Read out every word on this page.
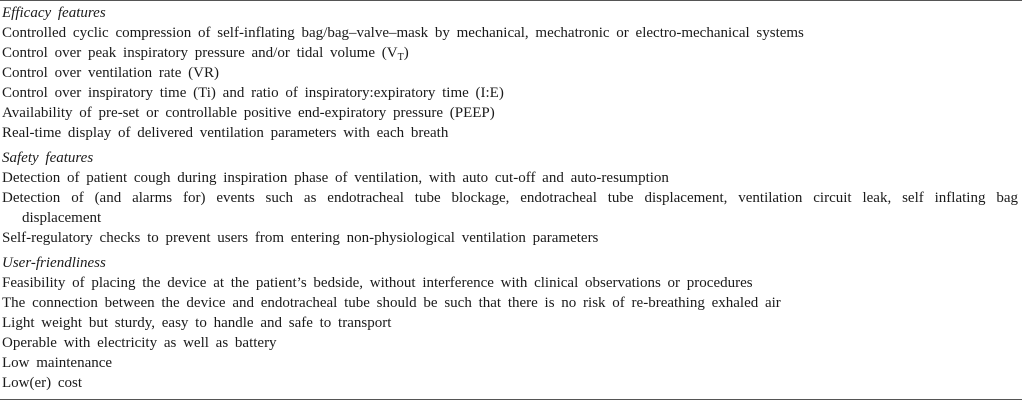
Efficacy features
Controlled cyclic compression of self-inflating bag/bag–valve–mask by mechanical, mechatronic or electro-mechanical systems
Control over peak inspiratory pressure and/or tidal volume $(V_T)$
Control over ventilation rate (VR)
Control over inspiratory time (Ti) and ratio of inspiratory:expiratory time (I:E)
Availability of pre-set or controllable positive end-expiratory pressure (PEEP)
Real-time display of delivered ventilation parameters with each breath
Safety features
Detection of patient cough during inspiration phase of ventilation, with auto cut-off and auto-resumption
Detection of (and alarms for) events such as endotracheal tube blockage, endotracheal tube displacement, ventilation circuit leak, self inflating bag displacement
Self-regulatory checks to prevent users from entering non-physiological ventilation parameters
User-friendliness
Feasibility of placing the device at the patient’s bedside, without interference with clinical observations or procedures
The connection between the device and endotracheal tube should be such that there is no risk of re-breathing exhaled air
Light weight but sturdy, easy to handle and safe to transport
Operable with electricity as well as battery
Low maintenance
Low(er) cost
